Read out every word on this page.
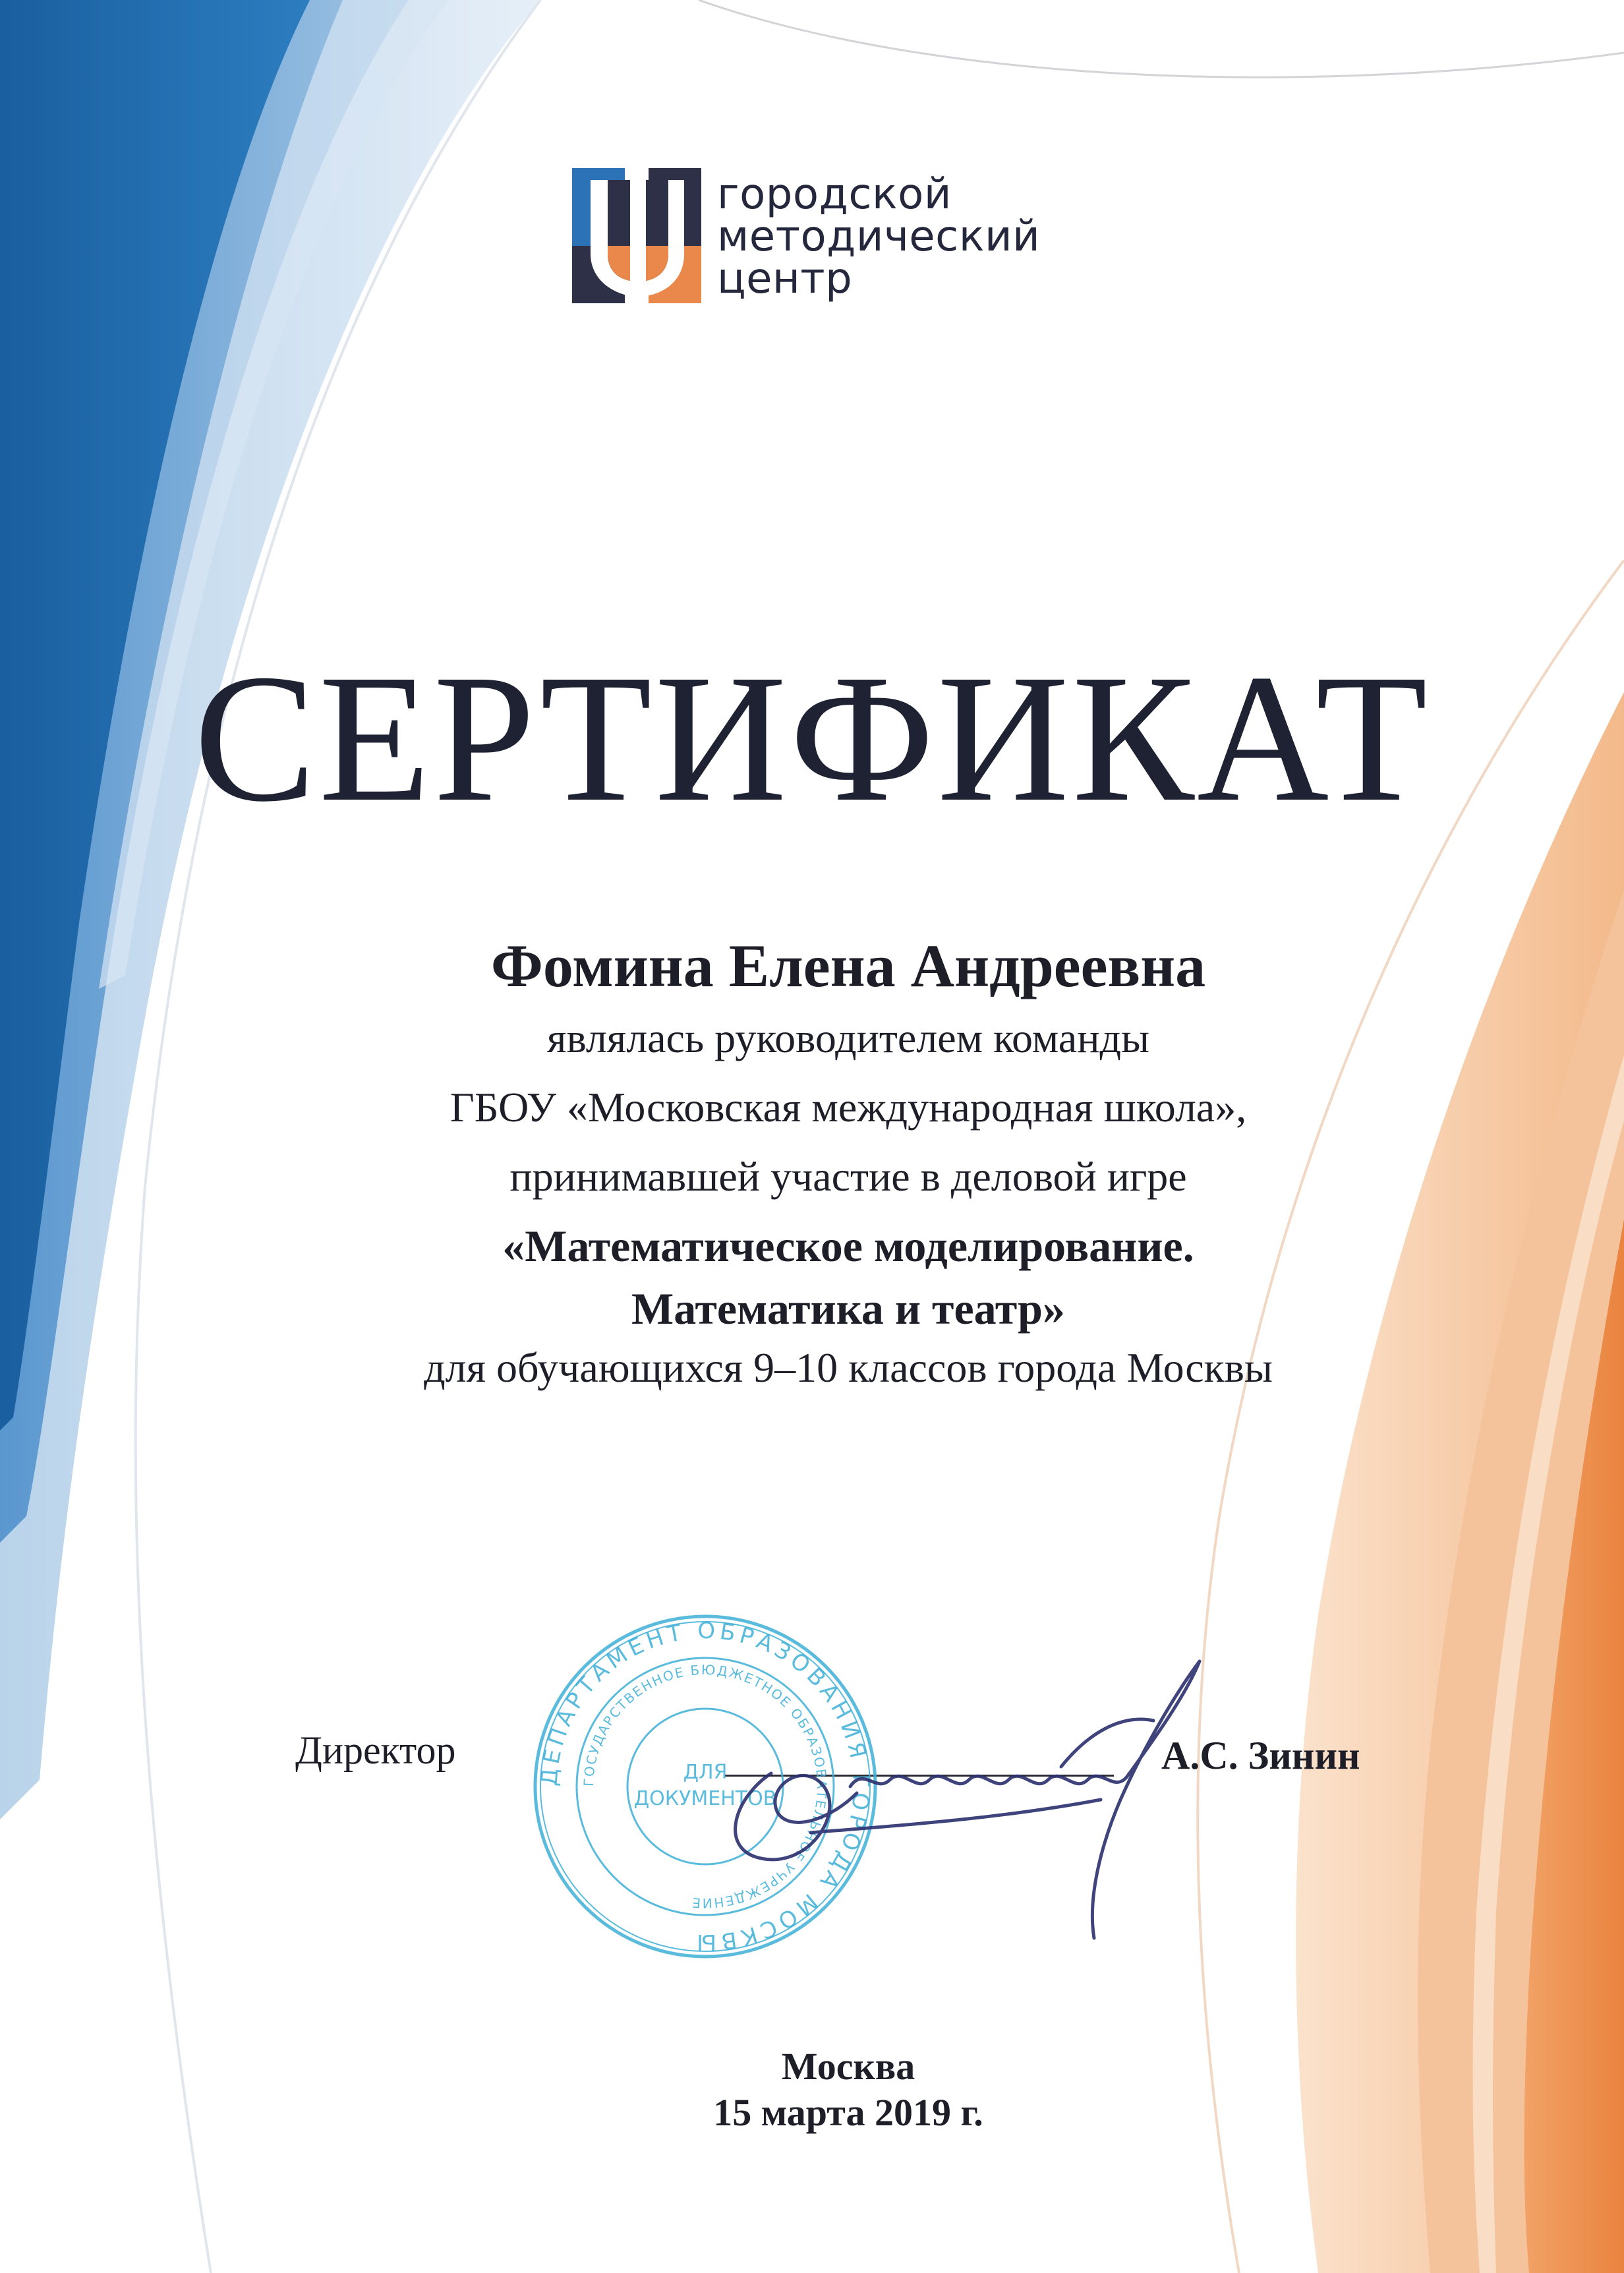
городской
методический
центр
СЕРТИФИКАТ
Фомина Елена Андреевна
являлась руководителем команды
ГБОУ «Московская международная школа»,
принимавшей участие в деловой игре
«Математическое моделирование.
Математика и театр»
для обучающихся 9–10 классов города Москвы
Директор	А.С. Зинин
ДЕПАРТАМЕНТ ОБРАЗОВАНИЯ ГОРОДА МОСКВЫ
ГОСУДАРСТВЕННОЕ БЮДЖЕТНОЕ ОБРАЗОВАТЕЛЬНОЕ УЧРЕЖДЕНИЕ
ДЛЯ
ДОКУМЕНТОВ
Москва
15 марта 2019 г.
